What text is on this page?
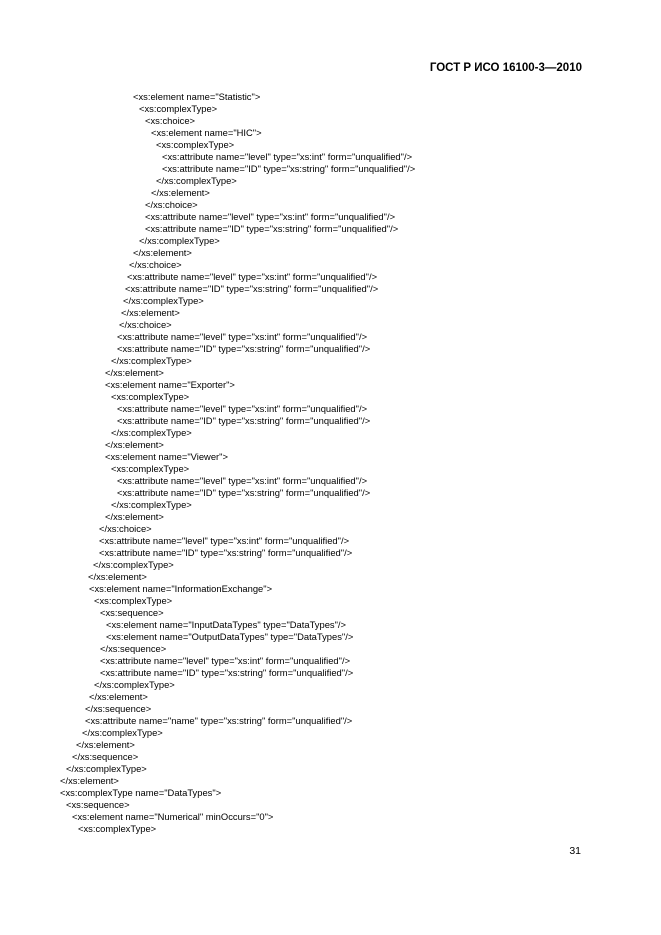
ГОСТ Р ИСО 16100-3—2010
<xs:element name="Statistic">
<xs:complexType>
<xs:choice>
<xs:element name="HIC">
<xs:complexType>
<xs:attribute name="level" type="xs:int" form="unqualified"/>
<xs:attribute name="ID" type="xs:string" form="unqualified"/>
</xs:complexType>
</xs:element>
</xs:choice>
<xs:attribute name="level" type="xs:int" form="unqualified"/>
<xs:attribute name="ID" type="xs:string" form="unqualified"/>
</xs:complexType>
</xs:element>
</xs:choice>
<xs:attribute name="level" type="xs:int" form="unqualified"/>
<xs:attribute name="ID" type="xs:string" form="unqualified"/>
</xs:complexType>
</xs:element>
</xs:choice>
<xs:attribute name="level" type="xs:int" form="unqualified"/>
<xs:attribute name="ID" type="xs:string" form="unqualified"/>
</xs:complexType>
</xs:element>
<xs:element name="Exporter">
<xs:complexType>
<xs:attribute name="level" type="xs:int" form="unqualified"/>
<xs:attribute name="ID" type="xs:string" form="unqualified"/>
</xs:complexType>
</xs:element>
<xs:element name="Viewer">
<xs:complexType>
<xs:attribute name="level" type="xs:int" form="unqualified"/>
<xs:attribute name="ID" type="xs:string" form="unqualified"/>
</xs:complexType>
</xs:element>
</xs:choice>
<xs:attribute name="level" type="xs:int" form="unqualified"/>
<xs:attribute name="ID" type="xs:string" form="unqualified"/>
</xs:complexType>
</xs:element>
<xs:element name="InformationExchange">
<xs:complexType>
<xs:sequence>
<xs:element name="InputDataTypes" type="DataTypes"/>
<xs:element name="OutputDataTypes" type="DataTypes"/>
</xs:sequence>
<xs:attribute name="level" type="xs:int" form="unqualified"/>
<xs:attribute name="ID" type="xs:string" form="unqualified"/>
</xs:complexType>
</xs:element>
</xs:sequence>
<xs:attribute name="name" type="xs:string" form="unqualified"/>
</xs:complexType>
</xs:element>
</xs:sequence>
</xs:complexType>
</xs:element>
<xs:complexType name="DataTypes">
<xs:sequence>
<xs:element name="Numerical" minOccurs="0">
<xs:complexType>
31
